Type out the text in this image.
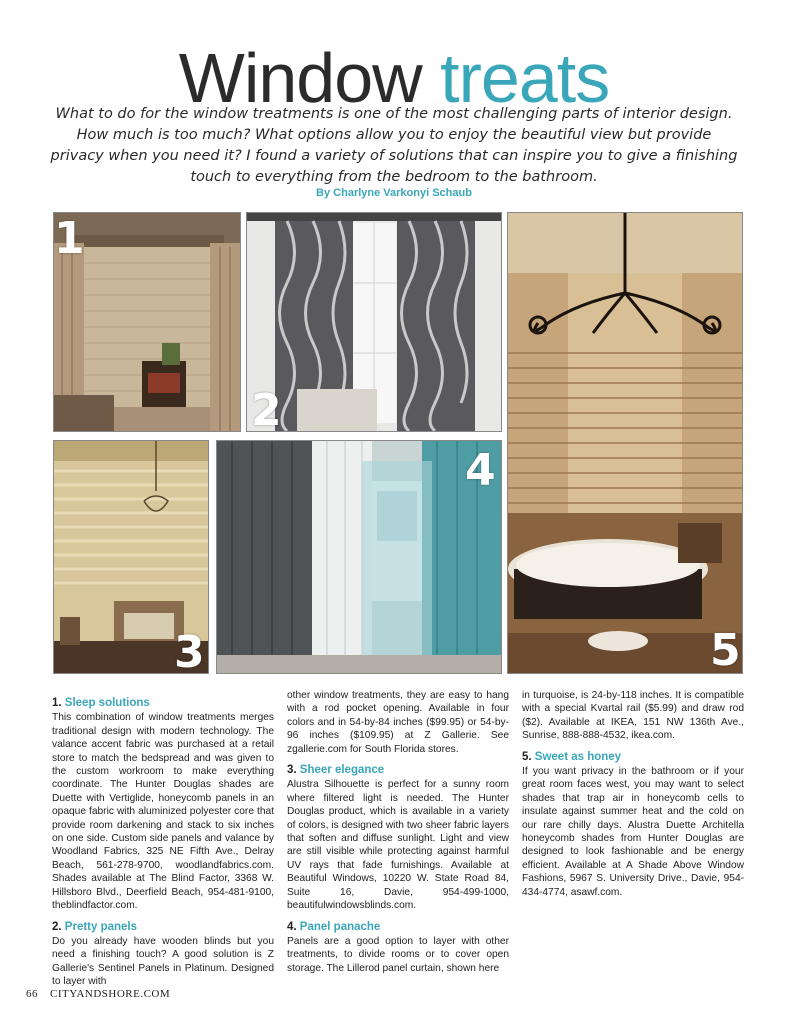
Window treats
What to do for the window treatments is one of the most challenging parts of interior design. How much is too much? What options allow you to enjoy the beautiful view but provide privacy when you need it? I found a variety of solutions that can inspire you to give a finishing touch to everything from the bedroom to the bathroom.
By Charlyne Varkonyi Schaub
1
2
3
4
5
1. Sleep solutions

This combination of window treatments merges traditional design with modern technology. The valance accent fabric was purchased at a retail store to match the bedspread and was given to the custom workroom to make everything coordinate. The Hunter Douglas shades are Duette with Vertiglide, honeycomb panels in an opaque fabric with aluminized polyester core that provide room darkening and stack to six inches on one side. Custom side panels and valance by Woodland Fabrics, 325 NE Fifth Ave., Delray Beach, 561-278-9700, woodlandfabrics.com. Shades available at The Blind Factor, 3368 W. Hillsboro Blvd., Deerfield Beach, 954-481-9100, theblindfactor.com.

2. Pretty panels

Do you already have wooden blinds but you need a finishing touch? A good solution is Z Gallerie's Sentinel Panels in Platinum. Designed to layer with

other window treatments, they are easy to hang with a rod pocket opening. Available in four colors and in 54-by-84 inches ($99.95) or 54-by-96 inches ($109.95) at Z Gallerie. See zgallerie.com for South Florida stores.

3. Sheer elegance

Alustra Silhouette is perfect for a sunny room where filtered light is needed. The Hunter Douglas product, which is available in a variety of colors, is designed with two sheer fabric layers that soften and diffuse sunlight. Light and view are still visible while protecting against harmful UV rays that fade furnishings. Available at Beautiful Windows, 10220 W. State Road 84, Suite 16, Davie, 954-499-1000, beautifulwindowsblinds.com.

4. Panel panache

Panels are a good option to layer with other treatments, to divide rooms or to cover open storage. The Lillerod panel curtain, shown here

in turquoise, is 24-by-118 inches. It is compatible with a special Kvartal rail ($5.99) and draw rod ($2). Available at IKEA, 151 NW 136th Ave., Sunrise, 888-888-4532, ikea.com.

5. Sweet as honey

If you want privacy in the bathroom or if your great room faces west, you may want to select shades that trap air in honeycomb cells to insulate against summer heat and the cold on our rare chilly days. Alustra Duette Architella honeycomb shades from Hunter Douglas are designed to look fashionable and be energy efficient. Available at A Shade Above Window Fashions, 5967 S. University Drive., Davie, 954-434-4774, asawf.com.

66 CITYANDSHORE.COM
